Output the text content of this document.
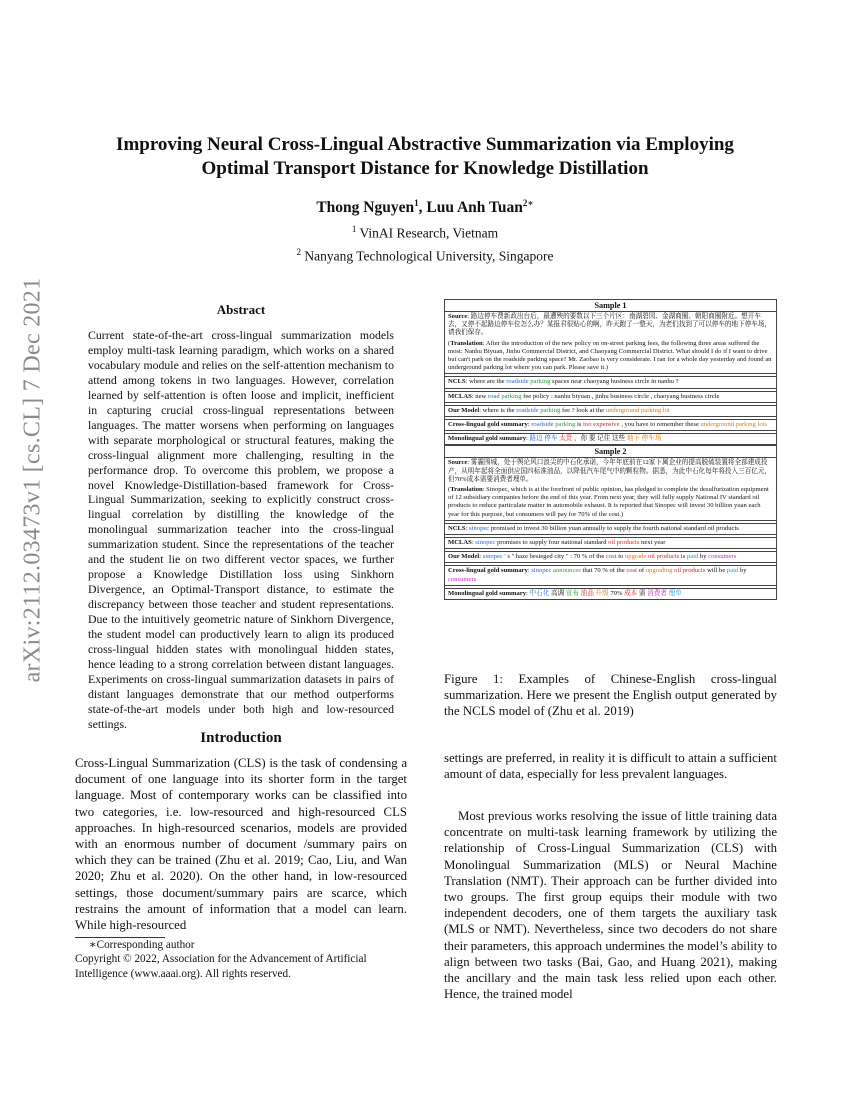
arXiv:2112.03473v1 [cs.CL] 7 Dec 2021
Improving Neural Cross-Lingual Abstractive Summarization via Employing
Optimal Transport Distance for Knowledge Distillation
Thong Nguyen$^1$, Luu Anh Tuan$^{2∗}$
$^1$ VinAI Research, Vietnam
$^2$ Nanyang Technological University, Singapore
Abstract
Current state-of-the-art cross-lingual summarization models employ multi-task learning paradigm, which works on a shared vocabulary module and relies on the self-attention mechanism to attend among tokens in two languages. However, correlation learned by self-attention is often loose and implicit, inefficient in capturing crucial cross-lingual representations between languages. The matter worsens when performing on languages with separate morphological or structural features, making the cross-lingual alignment more challenging, resulting in the performance drop. To overcome this problem, we propose a novel Knowledge-Distillation-based framework for Cross-Lingual Summarization, seeking to explicitly construct cross-lingual correlation by distilling the knowledge of the monolingual summarization teacher into the cross-lingual summarization student. Since the representations of the teacher and the student lie on two different vector spaces, we further propose a Knowledge Distillation loss using Sinkhorn Divergence, an Optimal-Transport distance, to estimate the discrepancy between those teacher and student representations. Due to the intuitively geometric nature of Sinkhorn Divergence, the student model can productively learn to align its produced cross-lingual hidden states with monolingual hidden states, hence leading to a strong correlation between distant languages. Experiments on cross-lingual summarization datasets in pairs of distant languages demonstrate that our method outperforms state-of-the-art models under both high and low-resourced settings.
Introduction
Cross-Lingual Summarization (CLS) is the task of condensing a document of one language into its shorter form in the target language. Most of contemporary works can be classified into two categories, i.e. low-resourced and high-resourced CLS approaches. In high-resourced scenarios, models are provided with an enormous number of document /summary pairs on which they can be trained (Zhu et al. 2019; Cao, Liu, and Wan 2020; Zhu et al. 2020). On the other hand, in low-resourced settings, those document/summary pairs are scarce, which restrains the amount of information that a model can learn. While high-resourced
∗Corresponding author
Copyright © 2022, Association for the Advancement of Artificial Intelligence (www.aaai.org). All rights reserved.
Sample 1
Source: 路边停车费新政出台后，最遭殃的要数以下三个片区：南湖碧园、金湖商圈、朝阳商圈附近。想开车去，又停不起路边停车位怎么办？某报君很贴心的啊，昨天跑了一整天，为老们找到了可以停车的地下停车场，请我们保存。
(Translation: After the introduction of the new policy on on-street parking fees, the following three areas suffered the most: Nanhu Biyuan, Jinhu Commercial District, and Chaoyang Commercial District. What should I do if I want to drive but can't park on the roadside parking space? Mr. Zaobao is very considerate. I ran for a whole day yesterday and found an underground parking lot where you can park. Please save it.)
NCLS: where are the roadside parking spaces near chaoyang business circle in nanhu ?
MCLAS: new road parking fee policy : nanhu biyuan , jinhu business circle , chaoyang business circle
Our Model: where is the roadside parking fee ? look at the underground parking lot
Cross-lingual gold summary: roadside parking is too expensive , you have to remember these underground parking lots
Monolingual gold summary: 路边 停车 太贵 ，你 要 记住 这些 地下 停车场
Sample 2
Source: 雾霾围城，处于舆论风口浪尖的中石化承诺，今年年底前在12家下属企业的提高脱硫装置将全部建成投产，从明年起将全面供应国四标准油品，以降低汽车尾气中的颗粒物。据悉，为此中石化每年将投入三百亿元，但70%成本需要消费者埋单。
(Translation: Sinopec, which is at the forefront of public opinion, has pledged to complete the desulfurization equipment of 12 subsidiary companies before the end of this year. From next year, they will fully supply National IV standard oil products to reduce particulate matter in automobile exhaust. It is reported that Sinopec will invest 30 billion yuan each year for this purpose, but consumers will pay for 70% of the cost.)
NCLS: sinopec promised to invest 30 billion yuan annually to supply the fourth national standard oil products
MCLAS: sinopec promises to supply four national standard oil products next year
Our Model: sinopec ' s " haze besieged city " : 70 % of the cost to upgrade oil products is paid by consumers
Cross-lingual gold summary: sinopec announces that 70 % of the cost of upgrading oil products will be paid by consumers
Monolingual gold summary: 中石化 高调 宣布 油品 升级 70% 成本 需 消费者 埋单
Figure 1: Examples of Chinese-English cross-lingual summarization. Here we present the English output generated by the NCLS model of (Zhu et al. 2019)
settings are preferred, in reality it is difficult to attain a sufficient amount of data, especially for less prevalent languages.
Most previous works resolving the issue of little training data concentrate on multi-task learning framework by utilizing the relationship of Cross-Lingual Summarization (CLS) with Monolingual Summarization (MLS) or Neural Machine Translation (NMT). Their approach can be further divided into two groups. The first group equips their module with two independent decoders, one of them targets the auxiliary task (MLS or NMT). Nevertheless, since two decoders do not share their parameters, this approach undermines the model’s ability to align between two tasks (Bai, Gao, and Huang 2021), making the ancillary and the main task less relied upon each other. Hence, the trained model
